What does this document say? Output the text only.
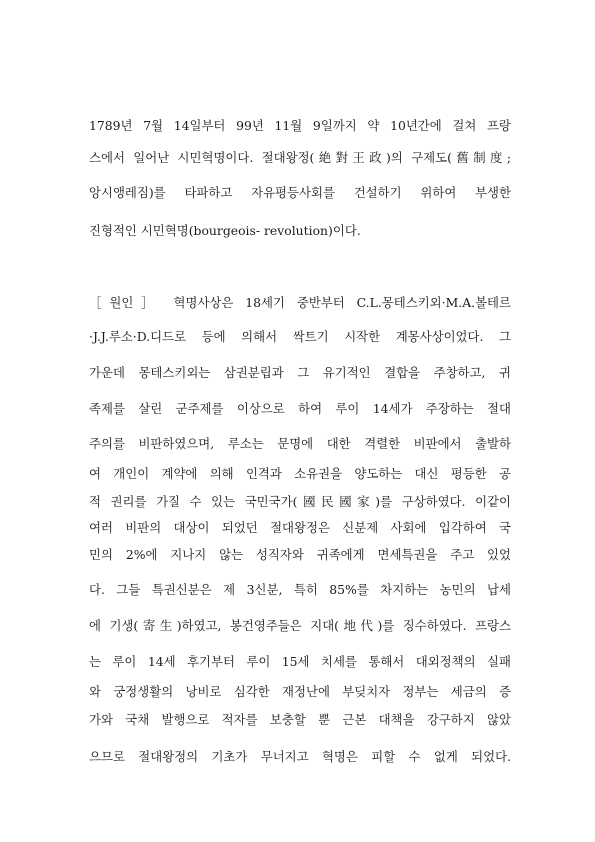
1789년 7월 14일부터 99년 11월 9일까지 약 10년간에 걸쳐 프랑
스에서 일어난 시민혁명이다. 절대왕정(絶對王政)의 구제도(舊制度;
앙시앵레짐)를 타파하고 자유평등사회를 건설하기 위하여 부생한
진형적인 시민혁명(bourgeois- revolution)이다.
［원인］ 혁명사상은 18세기 중반부터 C.L.몽테스키외·M.A.볼테르
·J.J.루소·D.디드로 등에 의해서 싹트기 시작한 계몽사상이었다. 그
가운데 몽테스키외는 삼권분립과 그 유기적인 결합을 주창하고, 귀
족제를 살린 군주제를 이상으로 하여 루이 14세가 주장하는 절대
주의를 비판하였으며, 루소는 문명에 대한 격렬한 비판에서 출발하
여 개인이 계약에 의해 인격과 소유권을 양도하는 대신 평등한 공
적 권리를 가질 수 있는 국민국가(國民國家)를 구상하였다. 이같이
여러 비판의 대상이 되었던 절대왕정은 신분제 사회에 입각하여 국
민의 2%에 지나지 않는 성직자와 귀족에게 면세특권을 주고 있었
다. 그들 특권신분은 제 3신분, 특히 85%를 차지하는 농민의 납세
에 기생(寄生)하였고, 봉건영주들은 지대(地代)를 징수하였다. 프랑스
는 루이 14세 후기부터 루이 15세 치세를 통해서 대외정책의 실패
와 궁정생활의 낭비로 심각한 재정난에 부딪치자 정부는 세금의 증
가와 국채 발행으로 적자를 보충할 뿐 근본 대책을 강구하지 않았
으므로 절대왕정의 기초가 무너지고 혁명은 피할 수 없게 되었다.
